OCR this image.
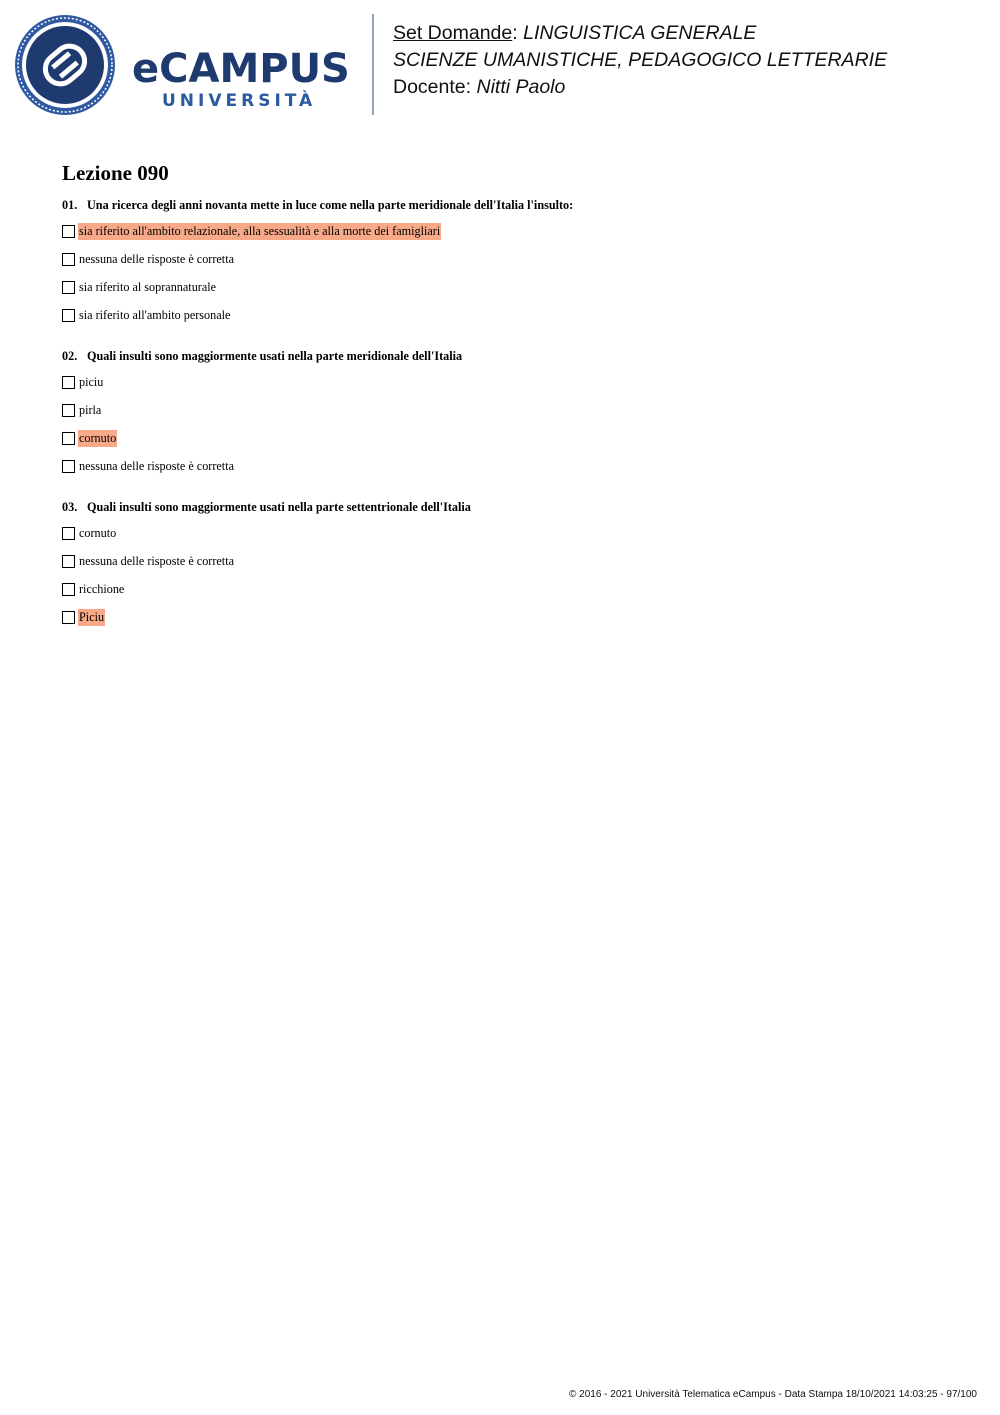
eCAMPUS
UNIVERSITÀ
Set Domande: LINGUISTICA GENERALE
SCIENZE UMANISTICHE, PEDAGOGICO LETTERARIE
Docente: Nitti Paolo
Lezione 090
01. Una ricerca degli anni novanta mette in luce come nella parte meridionale dell'Italia l'insulto:
sia riferito all'ambito relazionale, alla sessualità e alla morte dei famigliari
nessuna delle risposte è corretta
sia riferito al soprannaturale
sia riferito all'ambito personale
02. Quali insulti sono maggiormente usati nella parte meridionale dell'Italia
piciu
pirla
cornuto
nessuna delle risposte è corretta
03. Quali insulti sono maggiormente usati nella parte settentrionale dell'Italia
cornuto
nessuna delle risposte è corretta
ricchione
Piciu
© 2016 - 2021 Università Telematica eCampus - Data Stampa 18/10/2021 14:03:25 - 97/100
